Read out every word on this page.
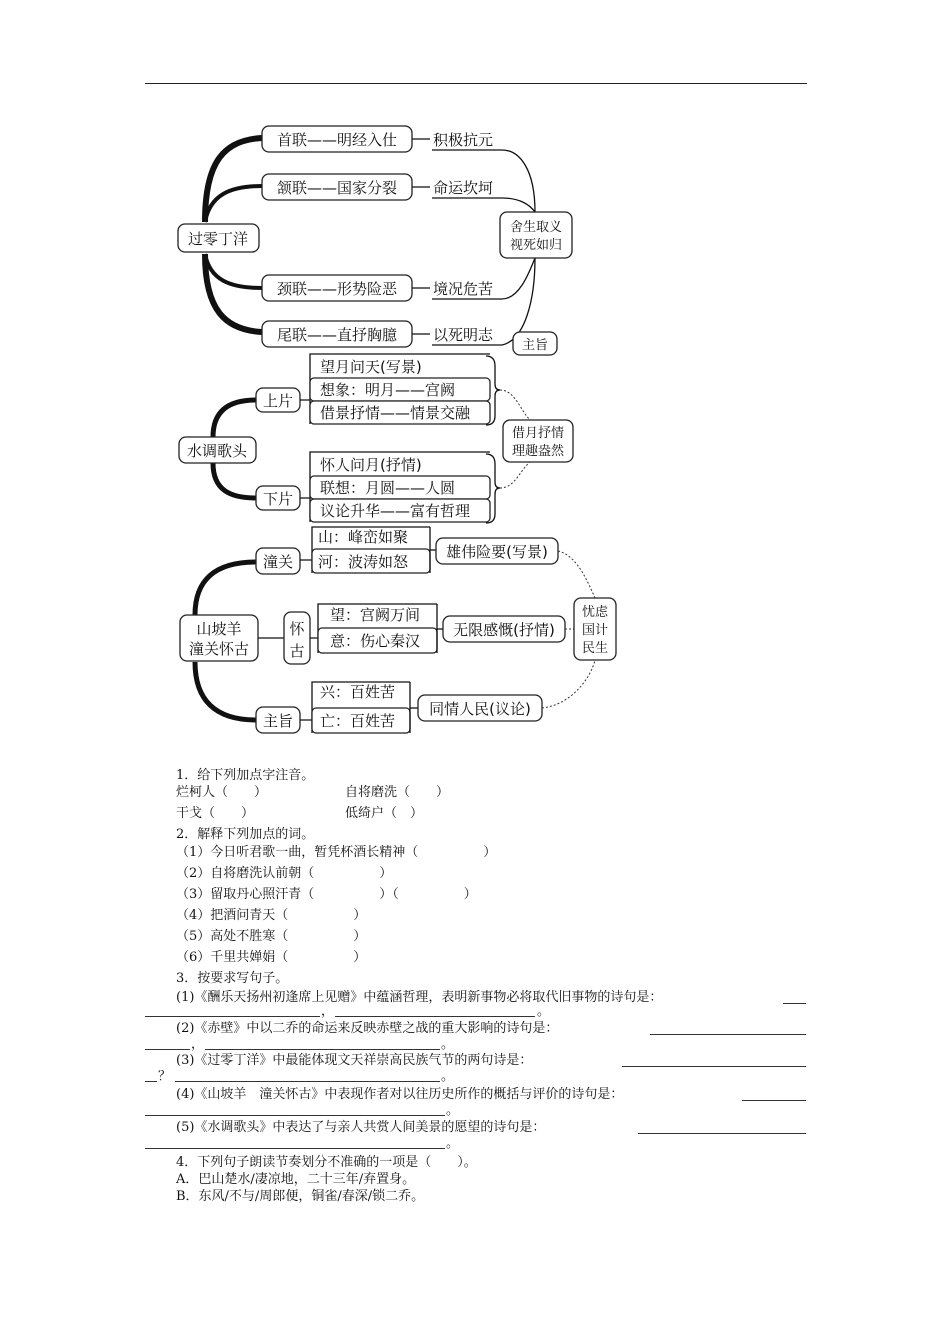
过零丁洋
首联——明经入仕
颔联——国家分裂
颈联——形势险恶
尾联——直抒胸臆
积极抗元
命运坎坷
境况危苦
以死明志
舍生取义
视死如归
主旨
水调歌头
上片
下片
望月问天(写景)
想象：明月——宫阙
借景抒情——情景交融
怀人问月(抒情)
联想：月圆——人圆
议论升华——富有哲理
借月抒情
理趣盎然
山坡羊
潼关怀古
潼关
山：峰峦如聚
河：波涛如怒
雄伟险要(写景)
怀
古
望：宫阙万间
意：伤心秦汉
无限感慨(抒情)
主旨
兴：百姓苦
亡：百姓苦
同情人民(议论)
忧虑
国计
民生
1．给下列加点字注音。
烂柯人（　　）	自将磨洗（　　）
干戈（　　）	低绮户（　）
2．解释下列加点的词。
（1）今日听君歌一曲，暂凭杯酒长精神（　　　　　）
（2）自将磨洗认前朝（　　　　　）
（3）留取丹心照汗青（　　　　　）（　　　　　）
（4）把酒问青天（　　　　　）
（5）高处不胜寒（　　　　　）
（6）千里共婵娟（　　　　　）
3．按要求写句子。
(1)《酬乐天扬州初逢席上见赠》中蕴涵哲理，表明新事物必将取代旧事物的诗句是：
，	。
(2)《赤壁》中以二乔的命运来反映赤壁之战的重大影响的诗句是：
，	。
(3)《过零丁洋》中最能体现文天祥崇高民族气节的两句诗是：
？	。
(4)《山坡羊　潼关怀古》中表现作者对以往历史所作的概括与评价的诗句是：
。
(5)《水调歌头》中表达了与亲人共赏人间美景的愿望的诗句是：
。
4．下列句子朗读节奏划分不准确的一项是（　　）。
A．巴山楚水/凄凉地，二十三年/弃置身。
B．东风/不与/周郎便，铜雀/春深/锁二乔。
